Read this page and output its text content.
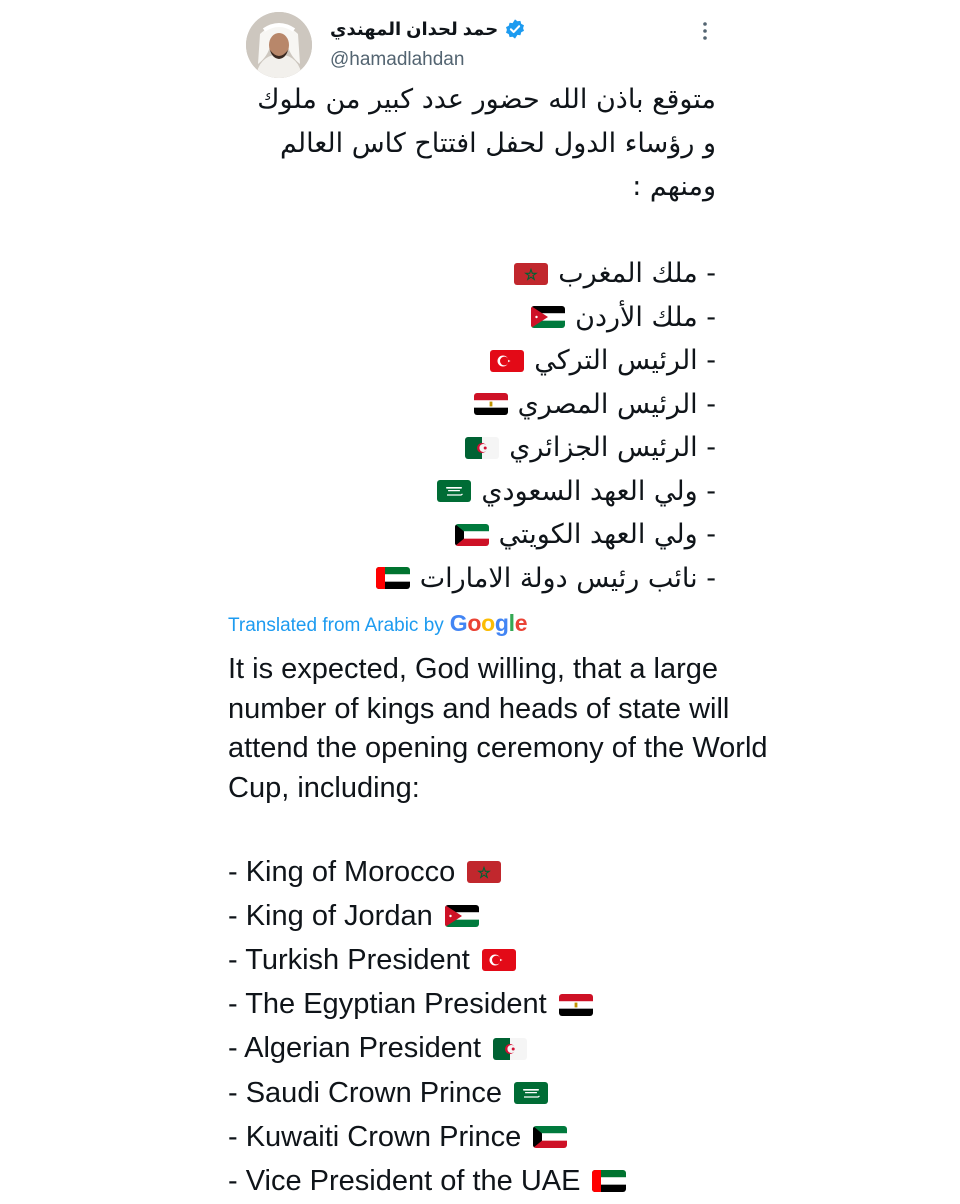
حمد لحدان المهندي
@hamadlahdan

متوقع باذن الله حضور عدد كبير من ملوك
و رؤساء الدول لحفل افتتاح كاس العالم
ومنهم :

- ملك المغرب
- ملك الأردن
- الرئيس التركي
- الرئيس المصري
- الرئيس الجزائري
- ولي العهد السعودي
- ولي العهد الكويتي
- نائب رئيس دولة الامارات
Translated from Arabic by Google

It is expected, God willing, that a large number of kings and heads of state will attend the opening ceremony of the World Cup, including:

- King of Morocco
- King of Jordan
- Turkish President
- The Egyptian President
- Algerian President
- Saudi Crown Prince
- Kuwaiti Crown Prince
- Vice President of the UAE
